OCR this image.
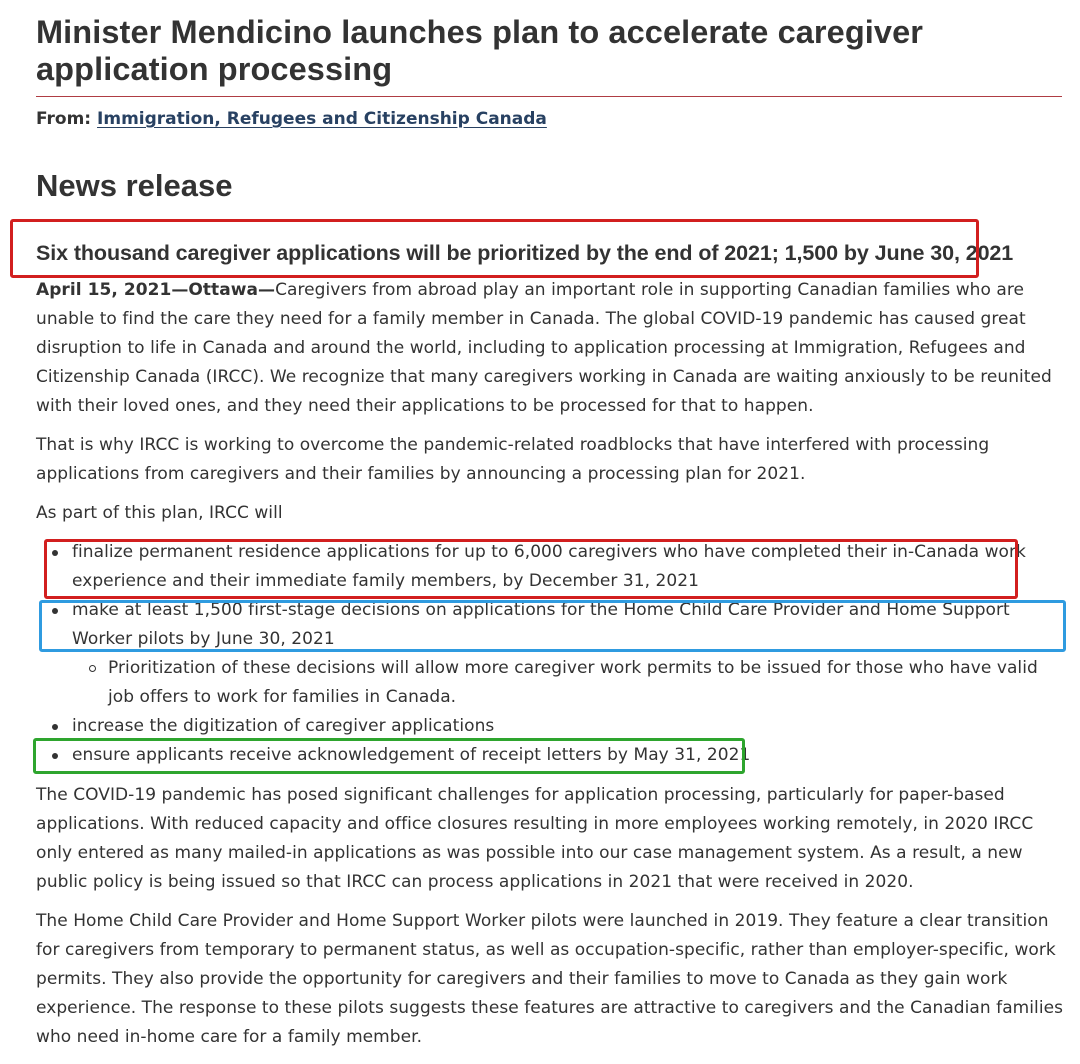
Minister Mendicino launches plan to accelerate caregiver application processing
From: Immigration, Refugees and Citizenship Canada
News release
Six thousand caregiver applications will be prioritized by the end of 2021; 1,500 by June 30, 2021

April 15, 2021—Ottawa—Caregivers from abroad play an important role in supporting Canadian families who are unable to find the care they need for a family member in Canada. The global COVID-19 pandemic has caused great disruption to life in Canada and around the world, including to application processing at Immigration, Refugees and Citizenship Canada (IRCC). We recognize that many caregivers working in Canada are waiting anxiously to be reunited with their loved ones, and they need their applications to be processed for that to happen.

That is why IRCC is working to overcome the pandemic-related roadblocks that have interfered with processing applications from caregivers and their families by announcing a processing plan for 2021.

As part of this plan, IRCC will

finalize permanent residence applications for up to 6,000 caregivers who have completed their in-Canada work experience and their immediate family members, by December 31, 2021
make at least 1,500 first-stage decisions on applications for the Home Child Care Provider and Home Support Worker pilots by June 30, 2021
Prioritization of these decisions will allow more caregiver work permits to be issued for those who have valid job offers to work for families in Canada.
increase the digitization of caregiver applications
ensure applicants receive acknowledgement of receipt letters by May 31, 2021

The COVID-19 pandemic has posed significant challenges for application processing, particularly for paper-based applications. With reduced capacity and office closures resulting in more employees working remotely, in 2020 IRCC only entered as many mailed-in applications as was possible into our case management system. As a result, a new public policy is being issued so that IRCC can process applications in 2021 that were received in 2020.

The Home Child Care Provider and Home Support Worker pilots were launched in 2019. They feature a clear transition for caregivers from temporary to permanent status, as well as occupation-specific, rather than employer-specific, work permits. They also provide the opportunity for caregivers and their families to move to Canada as they gain work experience. The response to these pilots suggests these features are attractive to caregivers and the Canadian families who need in-home care for a family member.
